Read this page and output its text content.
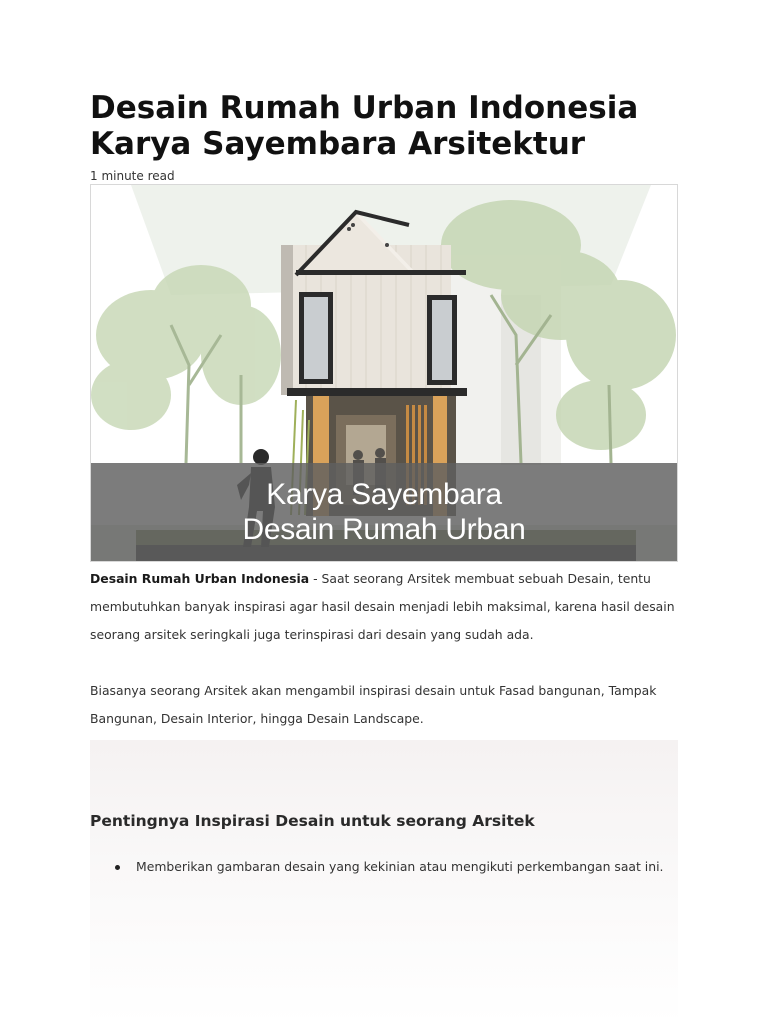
Desain Rumah Urban Indonesia
Karya Sayembara Arsitektur
1 minute read
Karya Sayembara
Desain Rumah Urban

Desain Rumah Urban Indonesia - Saat seorang Arsitek membuat sebuah Desain, tentu membutuhkan banyak inspirasi agar hasil desain menjadi lebih maksimal, karena hasil desain seorang arsitek seringkali juga terinspirasi dari desain yang sudah ada.

Biasanya seorang Arsitek akan mengambil inspirasi desain untuk Fasad bangunan, Tampak Bangunan, Desain Interior, hingga Desain Landscape.

Pentingnya Inspirasi Desain untuk seorang Arsitek
Memberikan gambaran desain yang kekinian atau mengikuti perkembangan saat ini.
